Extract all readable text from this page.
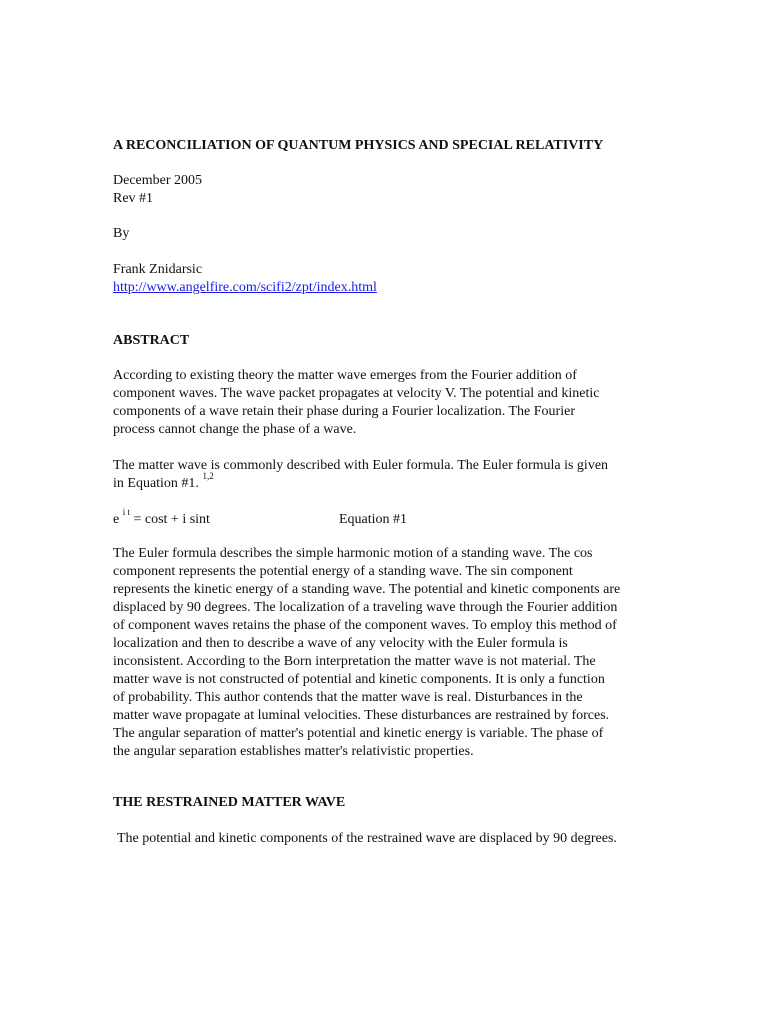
A RECONCILIATION OF QUANTUM PHYSICS AND SPECIAL RELATIVITY
December 2005
Rev #1
By
Frank Znidarsic
http://www.angelfire.com/scifi2/zpt/index.html
ABSTRACT
According to existing theory the matter wave emerges from the Fourier addition of
component waves. The wave packet propagates at velocity V. The potential and kinetic
components of a wave retain their phase during a Fourier localization. The Fourier
process cannot change the phase of a wave.
The matter wave is commonly described with Euler formula. The Euler formula is given
in Equation #1. $^{1,2}$
e $^{i t}$ = cost + i sint	Equation #1
The Euler formula describes the simple harmonic motion of a standing wave. The cos
component represents the potential energy of a standing wave. The sin component
represents the kinetic energy of a standing wave. The potential and kinetic components are
displaced by 90 degrees. The localization of a traveling wave through the Fourier addition
of component waves retains the phase of the component waves. To employ this method of
localization and then to describe a wave of any velocity with the Euler formula is
inconsistent. According to the Born interpretation the matter wave is not material. The
matter wave is not constructed of potential and kinetic components. It is only a function
of probability. This author contends that the matter wave is real. Disturbances in the
matter wave propagate at luminal velocities. These disturbances are restrained by forces.
The angular separation of matter's potential and kinetic energy is variable. The phase of
the angular separation establishes matter's relativistic properties.
THE RESTRAINED MATTER WAVE
The potential and kinetic components of the restrained wave are displaced by 90 degrees.
